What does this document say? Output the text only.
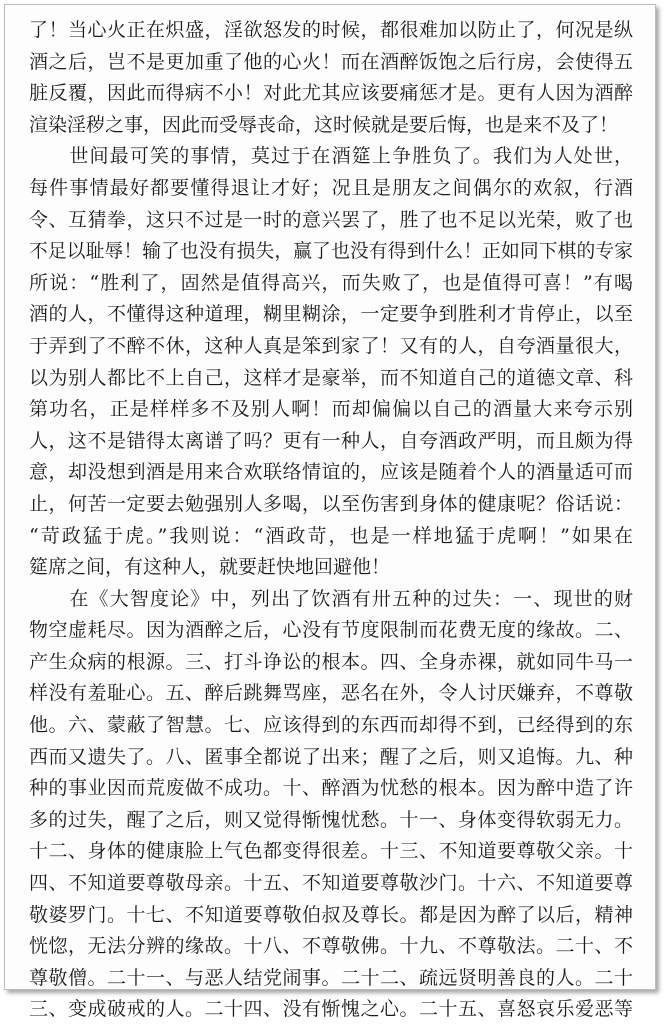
了！当心火正在炽盛，淫欲怒发的时候，都很难加以防止了，何况是纵
酒之后，岂不是更加重了他的心火！而在酒醉饭饱之后行房，会使得五
脏反覆，因此而得病不小！对此尤其应该要痛惩才是。更有人因为酒醉
渲染淫秽之事，因此而受辱丧命，这时候就是要后悔，也是来不及了！
　　世间最可笑的事情，莫过于在酒筵上争胜负了。我们为人处世，
每件事情最好都要懂得退让才好；况且是朋友之间偶尔的欢叙，行酒
令、互猜拳，这只不过是一时的意兴罢了，胜了也不足以光荣，败了也
不足以耻辱！输了也没有损失，赢了也没有得到什么！正如同下棋的专家
所说：“胜利了，固然是值得高兴，而失败了，也是值得可喜！”有喝
酒的人，不懂得这种道理，糊里糊涂，一定要争到胜利才肯停止，以至
于弄到了不醉不休，这种人真是笨到家了！又有的人，自夸酒量很大，
以为别人都比不上自己，这样才是豪举，而不知道自己的道德文章、科
第功名，正是样样多不及别人啊！而却偏偏以自己的酒量大来夸示别
人，这不是错得太离谱了吗？更有一种人，自夸酒政严明，而且颇为得
意，却没想到酒是用来合欢联络情谊的，应该是随着个人的酒量适可而
止，何苦一定要去勉强别人多喝，以至伤害到身体的健康呢？俗话说：
“苛政猛于虎。”我则说：“酒政苛，也是一样地猛于虎啊！”如果在
筵席之间，有这种人，就要赶快地回避他！
　　在《大智度论》中，列出了饮酒有卅五种的过失：一、现世的财
物空虚耗尽。因为酒醉之后，心没有节度限制而花费无度的缘故。二、
产生众病的根源。三、打斗诤讼的根本。四、全身赤裸，就如同牛马一
样没有羞耻心。五、醉后跳舞骂座，恶名在外，令人讨厌嫌弃，不尊敬
他。六、蒙蔽了智慧。七、应该得到的东西而却得不到，已经得到的东
西而又遗失了。八、匿事全都说了出来；醒了之后，则又追悔。九、种
种的事业因而荒废做不成功。十、醉酒为忧愁的根本。因为醉中造了许
多的过失，醒了之后，则又觉得惭愧忧愁。十一、身体变得软弱无力。
十二、身体的健康脸上气色都变得很差。十三、不知道要尊敬父亲。十
四、不知道要尊敬母亲。十五、不知道要尊敬沙门。十六、不知道要尊
敬婆罗门。十七、不知道要尊敬伯叔及尊长。都是因为醉了以后，精神
恍惚，无法分辨的缘故。十八、不尊敬佛。十九、不尊敬法。二十、不
尊敬僧。二十一、与恶人结党闹事。二十二、疏远贤明善良的人。二十
三、变成破戒的人。二十四、没有惭愧之心。二十五、喜怒哀乐爱恶等
